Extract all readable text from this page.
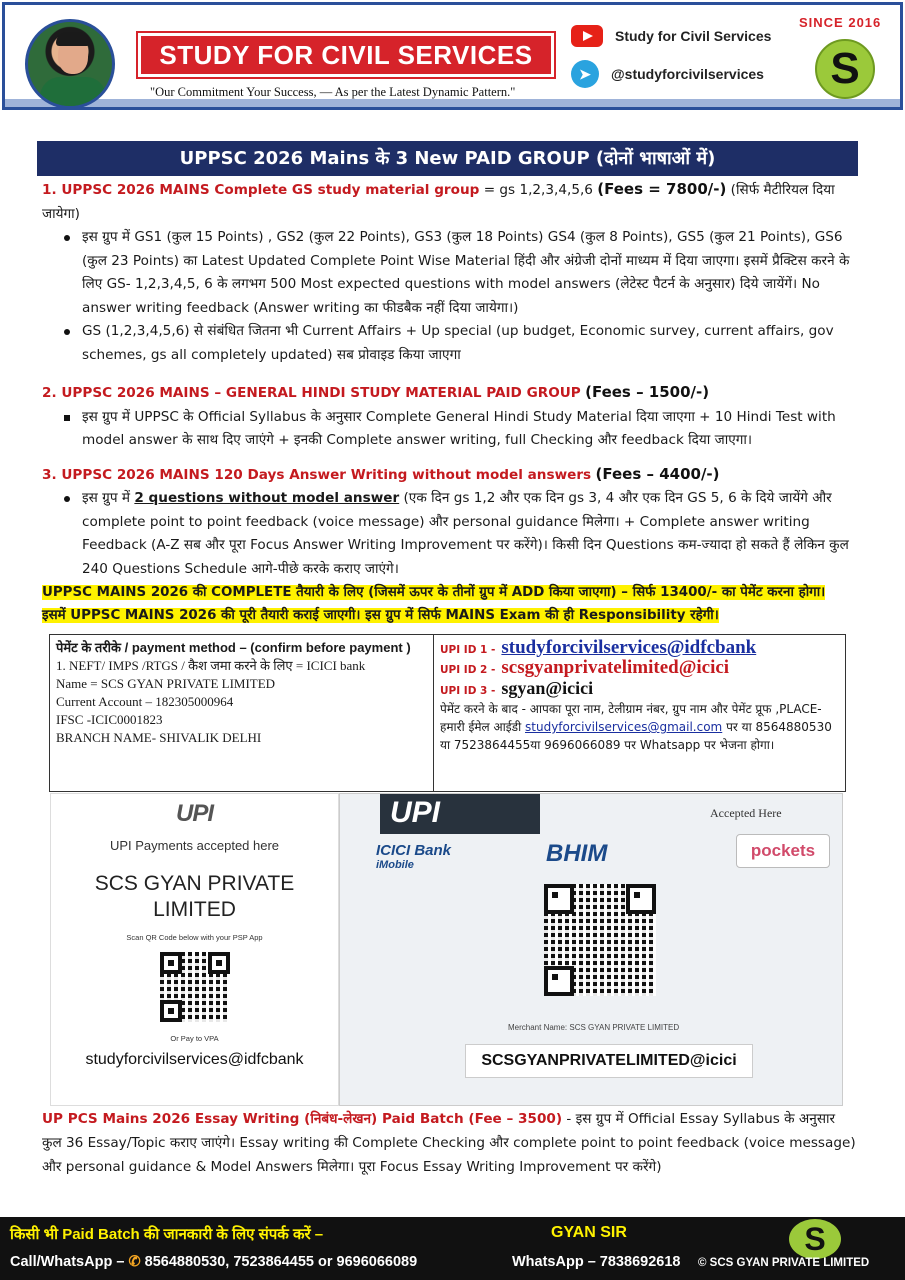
STUDY FOR CIVIL SERVICES
"Our Commitment Your Success, — As per the Latest Dynamic Pattern."
Study for Civil Services
➤	@studyforcivilservices
SINCE 2016
S
UPPSC 2026 Mains के 3 New PAID GROUP (दोनों भाषाओं में)
1. UPPSC 2026 MAINS Complete GS study material group = gs 1,2,3,4,5,6 (Fees = 7800/-) (सिर्फ मैटीरियल दिया जायेगा)
इस ग्रुप में GS1 (कुल 15 Points) , GS2 (कुल 22 Points), GS3 (कुल 18 Points) GS4 (कुल 8 Points), GS5 (कुल 21 Points), GS6 (कुल 23 Points) का Latest Updated Complete Point Wise Material हिंदी और अंग्रेजी दोनों माध्यम में दिया जाएगा। इसमें प्रैक्टिस करने के लिए GS- 1,2,3,4,5, 6 के लगभग 500 Most expected questions with model answers (लेटेस्ट पैटर्न के अनुसार) दिये जायेंगें। No answer writing feedback (Answer writing का फीडबैक नहीं दिया जायेगा।)
GS (1,2,3,4,5,6) से संबंधित जितना भी Current Affairs + Up special (up budget, Economic survey, current affairs, gov schemes, gs all completely updated) सब प्रोवाइड किया जाएगा
2. UPPSC 2026 MAINS – GENERAL HINDI STUDY MATERIAL PAID GROUP (Fees – 1500/-)
इस ग्रुप में UPPSC के Official Syllabus के अनुसार Complete General Hindi Study Material दिया जाएगा + 10 Hindi Test with model answer के साथ दिए जाएंगे + इनकी Complete answer writing, full Checking और feedback दिया जाएगा।
3. UPPSC 2026 MAINS 120 Days Answer Writing without model answers (Fees – 4400/-)
इस ग्रुप में 2 questions without model answer (एक दिन gs 1,2 और एक दिन gs 3, 4 और एक दिन GS 5, 6 के दिये जायेंगे और complete point to point feedback (voice message) और personal guidance मिलेगा। + Complete answer writing Feedback (A-Z सब और पूरा Focus Answer Writing Improvement पर करेंगे)। किसी दिन Questions कम-ज्यादा हो सकते हैं लेकिन कुल 240 Questions Schedule आगे-पीछे करके कराए जाएंगे।
UPPSC MAINS 2026 की COMPLETE तैयारी के लिए (जिसमें ऊपर के तीनों ग्रुप में ADD किया जाएगा) – सिर्फ 13400/- का पेमेंट करना होगा। इसमें UPPSC MAINS 2026 की पूरी तैयारी कराई जाएगी। इस ग्रुप में सिर्फ MAINS Exam की ही Responsibility रहेगी।
पेमेंट के तरीके / payment method – (confirm before payment )
1. NEFT/ IMPS /RTGS / कैश जमा करने के लिए = ICICI bank
Name = SCS GYAN PRIVATE LIMITED
Current Account – 182305000964
IFSC -ICIC0001823
BRANCH NAME- SHIVALIK DELHI
UPI ID 1 - studyforcivilservices@idfcbank
UPI ID 2 - scsgyanprivatelimited@icici
UPI ID 3 - sgyan@icici
पेमेंट करने के बाद - आपका पूरा नाम, टेलीग्राम नंबर, ग्रुप नाम और पेमेंट प्रूफ ,PLACE- हमारी ईमेल आईडी studyforcivilservices@gmail.com पर या 8564880530 या 7523864455या 9696066089 पर Whatsapp पर भेजना होगा।
UPI
UPI Payments accepted here
SCS GYAN PRIVATE LIMITED
Scan QR Code below with your PSP App
Or Pay to VPA
studyforcivilservices@idfcbank
UPI	Accepted Here
ICICI Bank
iMobile	BHIM	pockets
Merchant Name: SCS GYAN PRIVATE LIMITED
SCSGYANPRIVATELIMITED@icici
UP PCS Mains 2026 Essay Writing (निबंध-लेखन) Paid Batch (Fee – 3500) - इस ग्रुप में Official Essay Syllabus के अनुसार कुल 36 Essay/Topic कराए जाएंगे। Essay writing की Complete Checking और complete point to point feedback (voice message) और personal guidance & Model Answers मिलेगा। पूरा Focus Essay Writing Improvement पर करेंगे)
किसी भी Paid Batch की जानकारी के लिए संपर्क करें –
Call/WhatsApp – ✆ 8564880530, 7523864455 or 9696066089
GYAN SIR
WhatsApp – 7838692618
S
© SCS GYAN PRIVATE LIMITED
